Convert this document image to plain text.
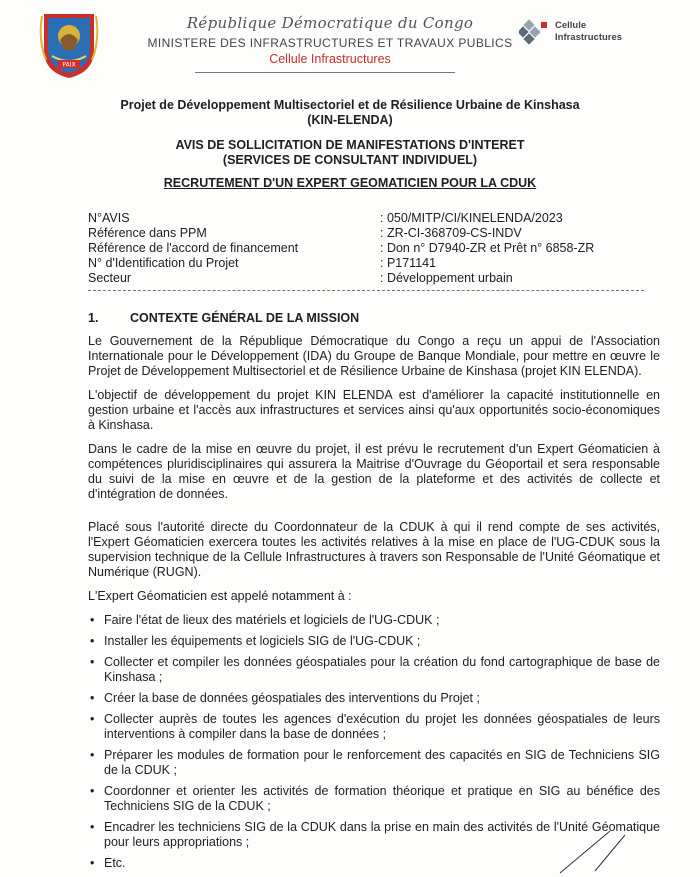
PAIX
République Démocratique du Congo
MINISTERE DES INFRASTRUCTURES ET TRAVAUX PUBLICS
Cellule Infrastructures
Cellule
Infrastructures
Projet de Développement Multisectoriel et de Résilience Urbaine de Kinshasa
(KIN-ELENDA)
AVIS DE SOLLICITATION DE MANIFESTATIONS D'INTERET
(SERVICES DE CONSULTANT INDIVIDUEL)
RECRUTEMENT D'UN EXPERT GEOMATICIEN POUR LA CDUK
N°AVIS	: 050/MITP/CI/KINELENDA/2023
Référence dans PPM	: ZR-CI-368709-CS-INDV
Référence de l'accord de financement	: Don n° D7940-ZR et Prêt n° 6858-ZR
N° d'Identification du Projet	: P171141
Secteur	: Développement urbain
1.	CONTEXTE GÉNÉRAL DE LA MISSION

Le Gouvernement de la République Démocratique du Congo a reçu un appui de l'Association Internationale pour le Développement (IDA) du Groupe de Banque Mondiale, pour mettre en œuvre le Projet de Développement Multisectoriel et de Résilience Urbaine de Kinshasa (projet KIN ELENDA).

L'objectif de développement du projet KIN ELENDA est d'améliorer la capacité institutionnelle en gestion urbaine et l'accès aux infrastructures et services ainsi qu'aux opportunités socio-économiques à Kinshasa.

Dans le cadre de la mise en œuvre du projet, il est prévu le recrutement d'un Expert Géomaticien à compétences pluridisciplinaires qui assurera la Maitrise d'Ouvrage du Géoportail et sera responsable du suivi de la mise en œuvre et de la gestion de la plateforme et des activités de collecte et d'intégration de données.

Placé sous l'autorité directe du Coordonnateur de la CDUK à qui il rend compte de ses activités, l'Expert Géomaticien exercera toutes les activités relatives à la mise en place de l'UG-CDUK sous la supervision technique de la Cellule Infrastructures à travers son Responsable de l'Unité Géomatique et Numérique (RUGN).

L'Expert Géomaticien est appelé notamment à :

• Faire l'état de lieux des matériels et logiciels de l'UG-CDUK ;
• Installer les équipements et logiciels SIG de l'UG-CDUK ;
• Collecter et compiler les données géospatiales pour la création du fond cartographique de base de Kinshasa ;
• Créer la base de données géospatiales des interventions du Projet ;
• Collecter auprès de toutes les agences d'exécution du projet les données géospatiales de leurs interventions à compiler dans la base de données ;
• Préparer les modules de formation pour le renforcement des capacités en SIG de Techniciens SIG de la CDUK ;
• Coordonner et orienter les activités de formation théorique et pratique en SIG au bénéfice des Techniciens SIG de la CDUK ;
• Encadrer les techniciens SIG de la CDUK dans la prise en main des activités de l'Unité Géomatique pour leurs appropriations ;
• Etc.
